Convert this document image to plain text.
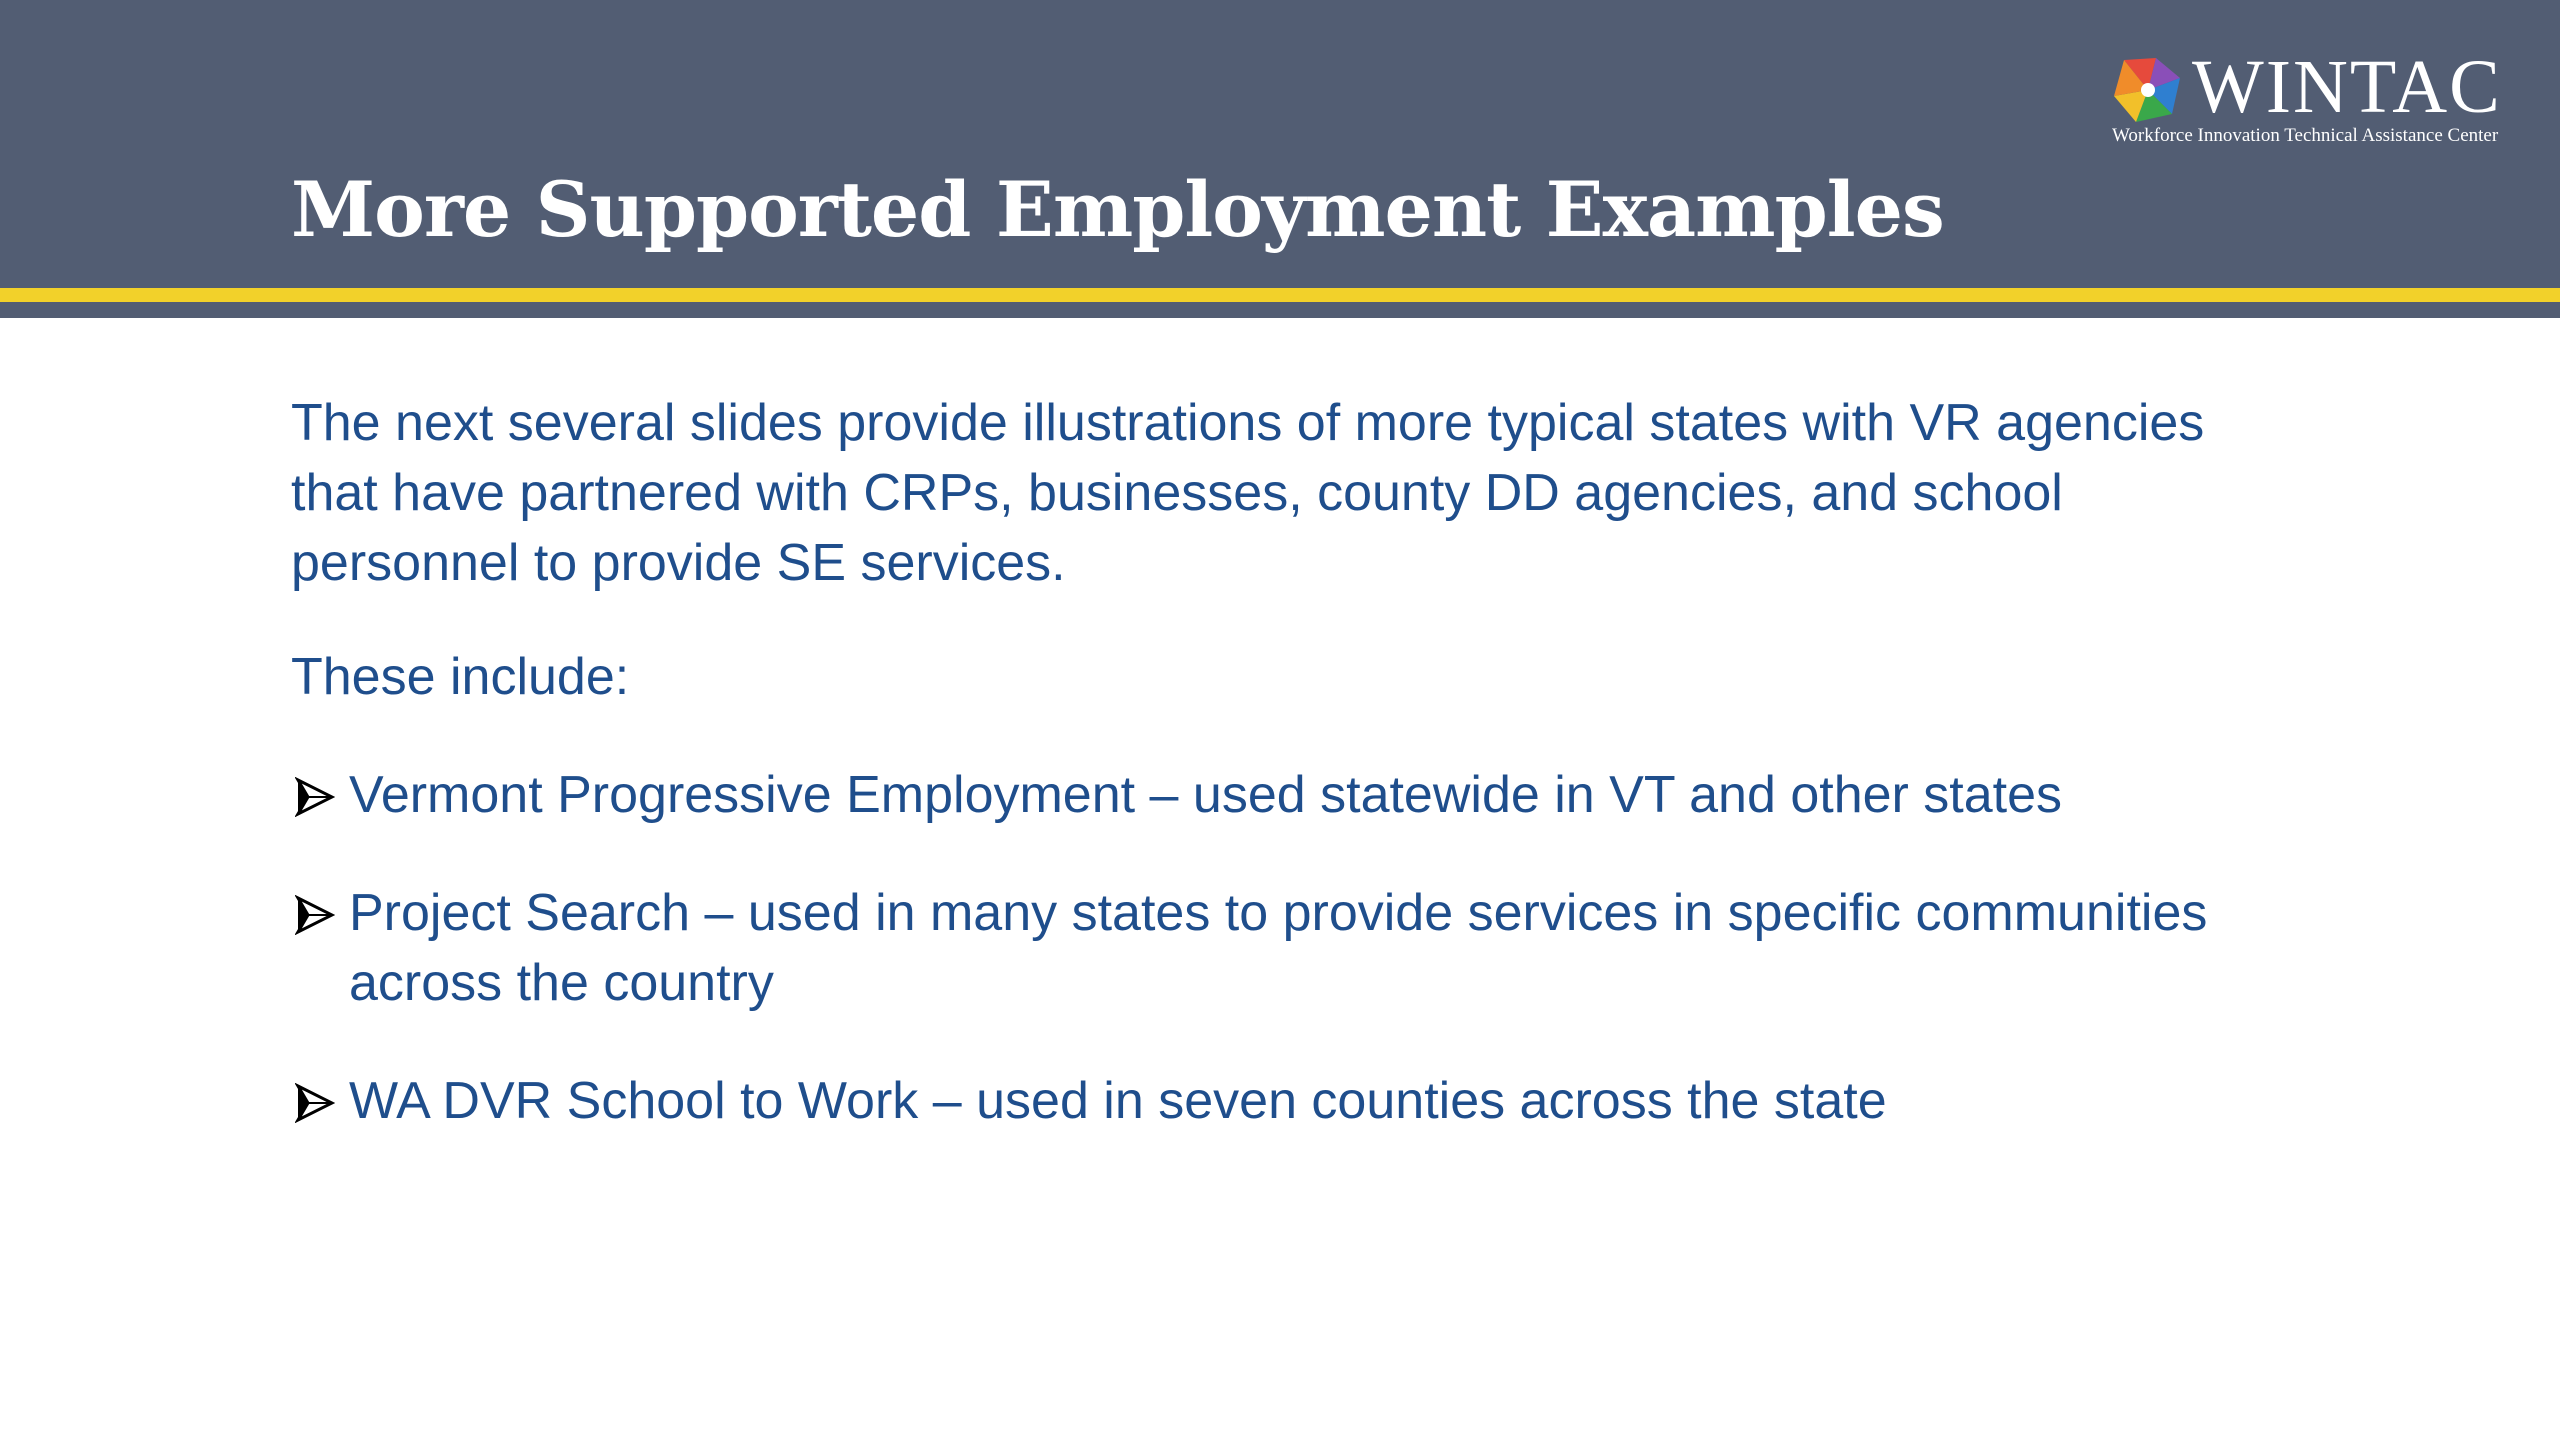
More Supported Employment Examples
WINTAC
Workforce Innovation Technical Assistance Center

The next several slides provide illustrations of more typical states with VR agencies that have partnered with CRPs, businesses, county DD agencies, and school personnel to provide SE services.

These include:

Vermont Progressive Employment – used statewide in VT and other states
Project Search – used in many states to provide services in specific communities across the country
WA DVR School to Work – used in seven counties across the state
